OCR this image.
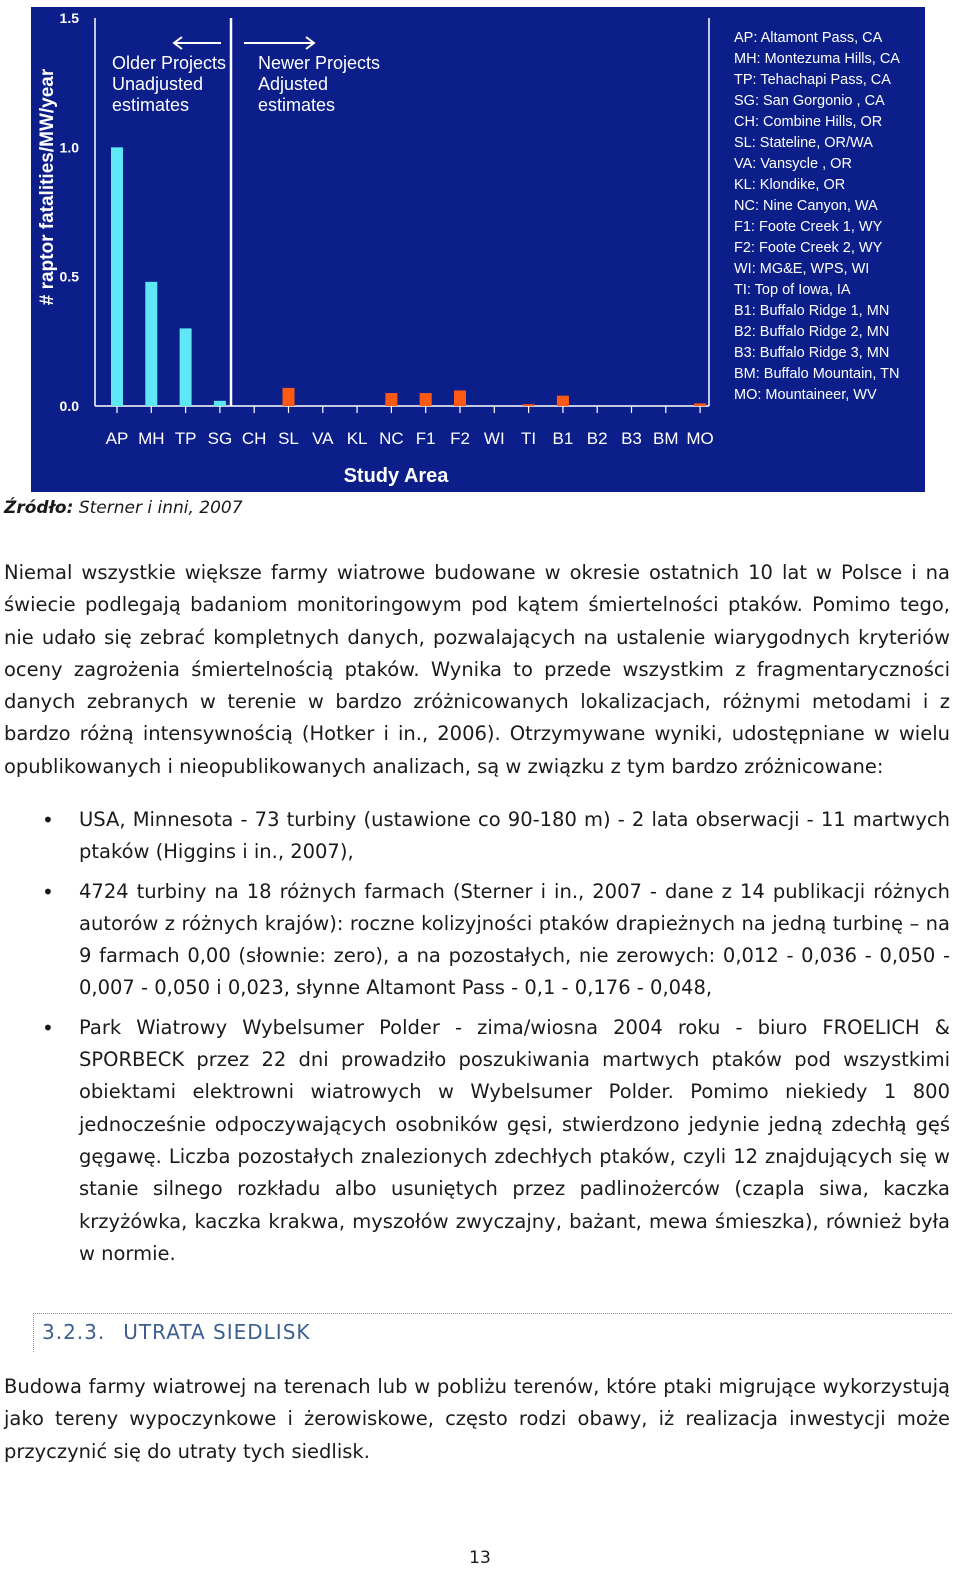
0.0
0.5
1.0
1.5
AP MH TP SG CH SL VA KL NC F1 F2 WI TI B1 B2 B3 BM MO
# raptor fatalities/MW/year
Study Area
Older Projects
Unadjusted
estimates
Newer Projects
Adjusted
estimates
AP: Altamont Pass, CA
MH: Montezuma Hills, CA
TP: Tehachapi Pass, CA
SG: San Gorgonio , CA
CH: Combine Hills, OR
SL: Stateline, OR/WA
VA: Vansycle , OR
KL: Klondike, OR
NC: Nine Canyon, WA
F1: Foote Creek 1, WY
F2: Foote Creek 2, WY
WI: MG&E, WPS, WI
TI: Top of Iowa, IA
B1: Buffalo Ridge 1, MN
B2: Buffalo Ridge 2, MN
B3: Buffalo Ridge 3, MN
BM: Buffalo Mountain, TN
MO: Mountaineer, WV
Źródło: Sterner i inni, 2007

Niemal wszystkie większe farmy wiatrowe budowane w okresie ostatnich 10 lat w Polsce i na świecie podlegają badaniom monitoringowym pod kątem śmiertelności ptaków. Pomimo tego, nie udało się zebrać kompletnych danych, pozwalających na ustalenie wiarygodnych kryteriów oceny zagrożenia śmiertelnością ptaków. Wynika to przede wszystkim z fragmentaryczności danych zebranych w terenie w bardzo zróżnicowanych lokalizacjach, różnymi metodami i z bardzo różną intensywnością (Hotker i in., 2006). Otrzymywane wyniki, udostępniane w wielu opublikowanych i nieopublikowanych analizach, są w związku z tym bardzo zróżnicowane:

• USA, Minnesota - 73 turbiny (ustawione co 90-180 m) - 2 lata obserwacji - 11 martwych ptaków (Higgins i in., 2007),
• 4724 turbiny na 18 różnych farmach (Sterner i in., 2007 - dane z 14 publikacji różnych autorów z różnych krajów): roczne kolizyjności ptaków drapieżnych na jedną turbinę – na 9 farmach 0,00 (słownie: zero), a na pozostałych, nie zerowych: 0,012 - 0,036 - 0,050 - 0,007 - 0,050 i 0,023, słynne Altamont Pass - 0,1 - 0,176 - 0,048,
• Park Wiatrowy Wybelsumer Polder - zima/wiosna 2004 roku - biuro FROELICH & SPORBECK przez 22 dni prowadziło poszukiwania martwych ptaków pod wszystkimi obiektami elektrowni wiatrowych w Wybelsumer Polder. Pomimo niekiedy 1 800 jednocześnie odpoczywających osobników gęsi, stwierdzono jedynie jedną zdechłą gęś gęgawę. Liczba pozostałych znalezionych zdechłych ptaków, czyli 12 znajdujących się w stanie silnego rozkładu albo usuniętych przez padlinożerców (czapla siwa, kaczka krzyżówka, kaczka krakwa, myszołów zwyczajny, bażant, mewa śmieszka), również była w normie.
3.2.3. UTRATA SIEDLISK

Budowa farmy wiatrowej na terenach lub w pobliżu terenów, które ptaki migrujące wykorzystują jako tereny wypoczynkowe i żerowiskowe, często rodzi obawy, iż realizacja inwestycji może przyczynić się do utraty tych siedlisk.

13
